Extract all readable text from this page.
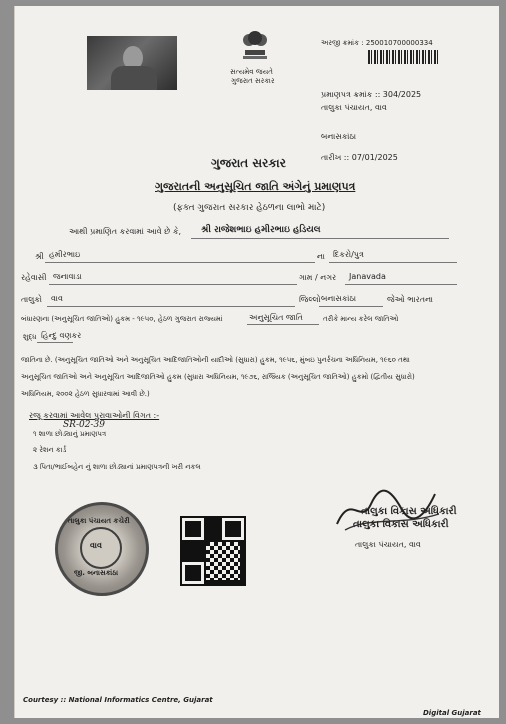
સત્યમેવ જયતે
ગુજરાત સરકાર
અરજી ક્રમાંક : 250010700000334
પ્રમાણપત્ર ક્રમાંક :: 304/2025
તાલુકા પંચાયત, વાવ
બનાસકાંઠા
તારીખ :: 07/01/2025
ગુજરાત સરકાર
ગુજરાતની અનુસૂચિત જાતિ અંગેનું પ્રમાણપત્ર
(ફક્ત ગુજરાત સરકાર હેઠળના લાભો માટે)
આથી પ્રમાણિત કરવામાં આવે છે કે, શ્રી રાજેશભાઇ હમીરભાઇ હડિયલ
શ્રી હમીરભાઇ	ના દિકરો/પુત્ર
રહેવાસી જનાવાડા	ગામ / નગર Janavada
તાલુકો વાવ	જિલ્લો બનાસકાંઠા	જેઓ ભારતના
બંધારણના (અનુસૂચિત જાતિઓ) હુકમ - ૧૯૫૦, હેઠળ ગુજરાત રાજ્યમાં	અનુસૂચિત જાતિ	તરીકે માન્ય કરેલ જાતિઓ
શુદ્ધ હિન્દુ વણકર
જાતિના છે. (અનુસૂચિત જાતિઓ અને અનુસૂચિત આદિજાતિઓની યાદીઓ (સુધારા) હુકમ, ૧૯૫૬, મુંબઇ પુનર્રચના અધિનિયમ, ૧૯૬૦ તથા
અનુસૂચિત જાતિઓ અને અનુસૂચિત આદિજાતિઓ હુકમ (સુધારા અધિનિયમ, ૧૯૭૬, રાજ્યિક (અનુસૂચિત જાતિઓ) હુકમો (દ્વિતીય સુધારો)
અધિનિયમ, ૨૦૦૨ હેઠળ સુધારવામાં આવી છે.)
રજૂ કરવામાં આવેલ પુરાવાઓની વિગત :-
SR-02-39
૧ શાળા છોડ્યાનું પ્રમાણપત્ર
૨ રેશન કાર્ડ
૩ પિતા/ભાઈબહેન નું શાળા છોડ્યાનાં પ્રમાણપત્રની ખરી નકલ
તાલુકા પંચાયત કચેરી
વાવ
જી. બનાસકાંઠા
તાલુકા વિકાસ અધિકારી
તાલુકા વિકાસ અધિકારી
તાલુકા પંચાયત, વાવ
Courtesy :: National Informatics Centre, Gujarat
Digital Gujarat
